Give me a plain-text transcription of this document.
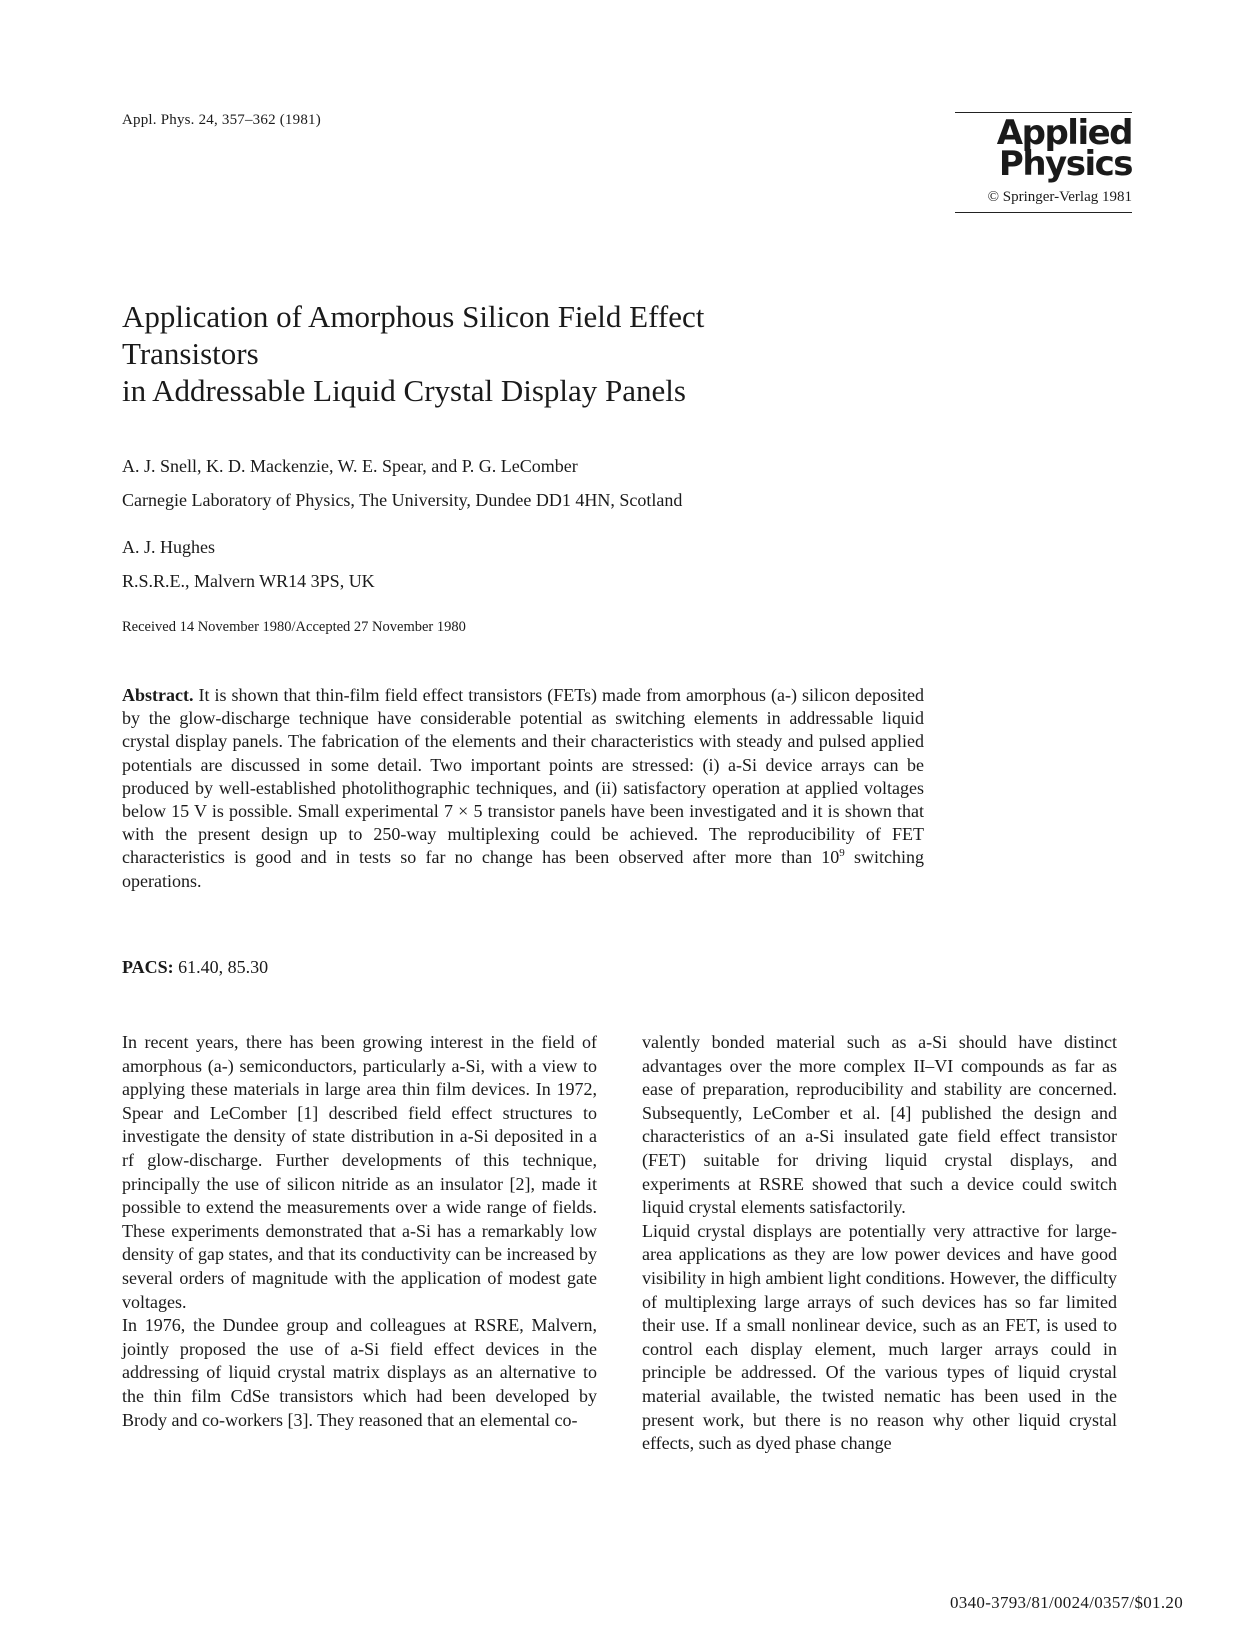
Appl. Phys. 24, 357–362 (1981)	Applied
Physics
© Springer-Verlag 1981
Application of Amorphous Silicon Field Effect
Transistors
in Addressable Liquid Crystal Display Panels
A. J. Snell, K. D. Mackenzie, W. E. Spear, and P. G. LeComber
Carnegie Laboratory of Physics, The University, Dundee DD1 4HN, Scotland
A. J. Hughes
R.S.R.E., Malvern WR14 3PS, UK
Received 14 November 1980/Accepted 27 November 1980

Abstract. It is shown that thin-film field effect transistors (FETs) made from amorphous (a-) silicon deposited by the glow-discharge technique have considerable potential as switching elements in addressable liquid crystal display panels. The fabrication of the elements and their characteristics with steady and pulsed applied potentials are discussed in some detail. Two important points are stressed: (i) a-Si device arrays can be produced by well-established photolithographic techniques, and (ii) satisfactory operation at applied voltages below 15 V is possible. Small experimental 7 × 5 transistor panels have been investigated and it is shown that with the present design up to 250-way multiplexing could be achieved. The reproducibility of FET characteristics is good and in tests so far no change has been observed after more than $10^9$ switching operations.

PACS: 61.40, 85.30

In recent years, there has been growing interest in the field of amorphous (a-) semiconductors, particularly a-Si, with a view to applying these materials in large area thin film devices. In 1972, Spear and LeComber [1] described field effect structures to investigate the density of state distribution in a-Si deposited in a rf glow-discharge. Further developments of this technique, principally the use of silicon nitride as an insulator [2], made it possible to extend the measurements over a wide range of fields. These experiments demonstrated that a-Si has a remarkably low density of gap states, and that its conductivity can be increased by several orders of magnitude with the application of modest gate voltages.

In 1976, the Dundee group and colleagues at RSRE, Malvern, jointly proposed the use of a-Si field effect devices in the addressing of liquid crystal matrix displays as an alternative to the thin film CdSe transistors which had been developed by Brody and co-workers [3]. They reasoned that an elemental co-

valently bonded material such as a-Si should have distinct advantages over the more complex II–VI compounds as far as ease of preparation, reproducibility and stability are concerned. Subsequently, LeComber et al. [4] published the design and characteristics of an a-Si insulated gate field effect transistor (FET) suitable for driving liquid crystal displays, and experiments at RSRE showed that such a device could switch liquid crystal elements satisfactorily.

Liquid crystal displays are potentially very attractive for large-area applications as they are low power devices and have good visibility in high ambient light conditions. However, the difficulty of multiplexing large arrays of such devices has so far limited their use. If a small nonlinear device, such as an FET, is used to control each display element, much larger arrays could in principle be addressed. Of the various types of liquid crystal material available, the twisted nematic has been used in the present work, but there is no reason why other liquid crystal effects, such as dyed phase change

0340-3793/81/0024/0357/$01.20
